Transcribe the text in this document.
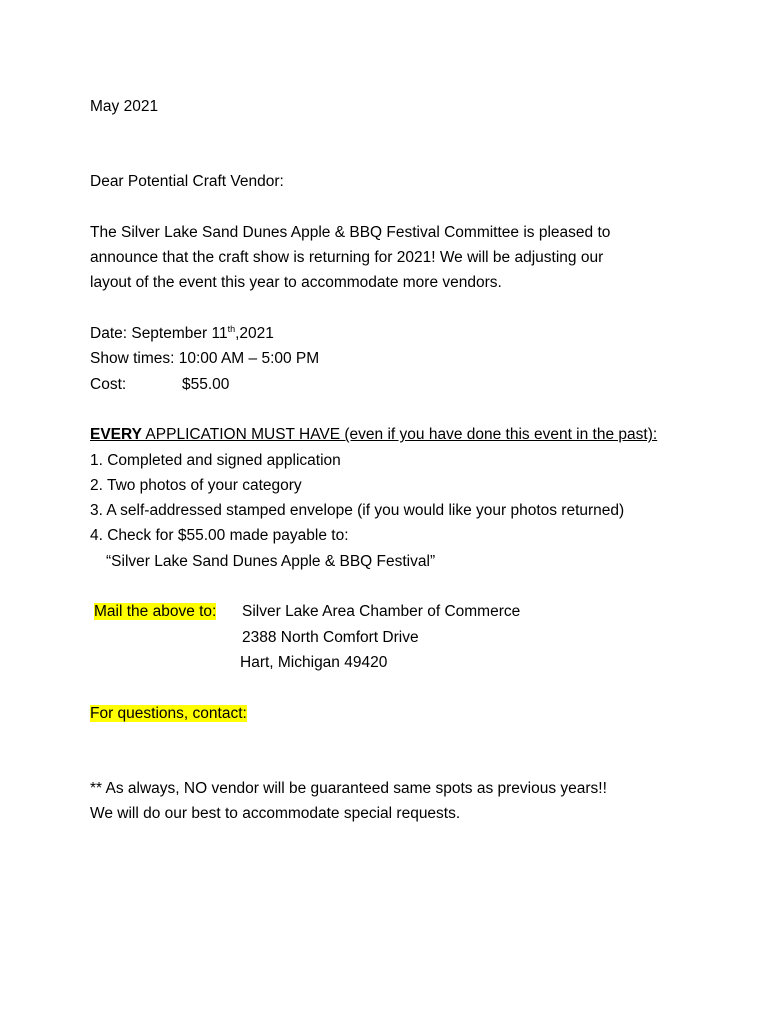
May 2021
Dear Potential Craft Vendor:
The Silver Lake Sand Dunes Apple & BBQ Festival Committee is pleased to
announce that the craft show is returning for 2021! We will be adjusting our
layout of the event this year to accommodate more vendors.
Date: September 11th,2021
Show times: 10:00 AM – 5:00 PM
Cost:	$55.00
EVERY APPLICATION MUST HAVE (even if you have done this event in the past):
1. Completed and signed application
2. Two photos of your category
3. A self-addressed stamped envelope (if you would like your photos returned)
4. Check for $55.00 made payable to:
“Silver Lake Sand Dunes Apple & BBQ Festival”
Mail the above to:	Silver Lake Area Chamber of Commerce
2388 North Comfort Drive
Hart, Michigan 49420
For questions, contact:
** As always, NO vendor will be guaranteed same spots as previous years!!
We will do our best to accommodate special requests.
